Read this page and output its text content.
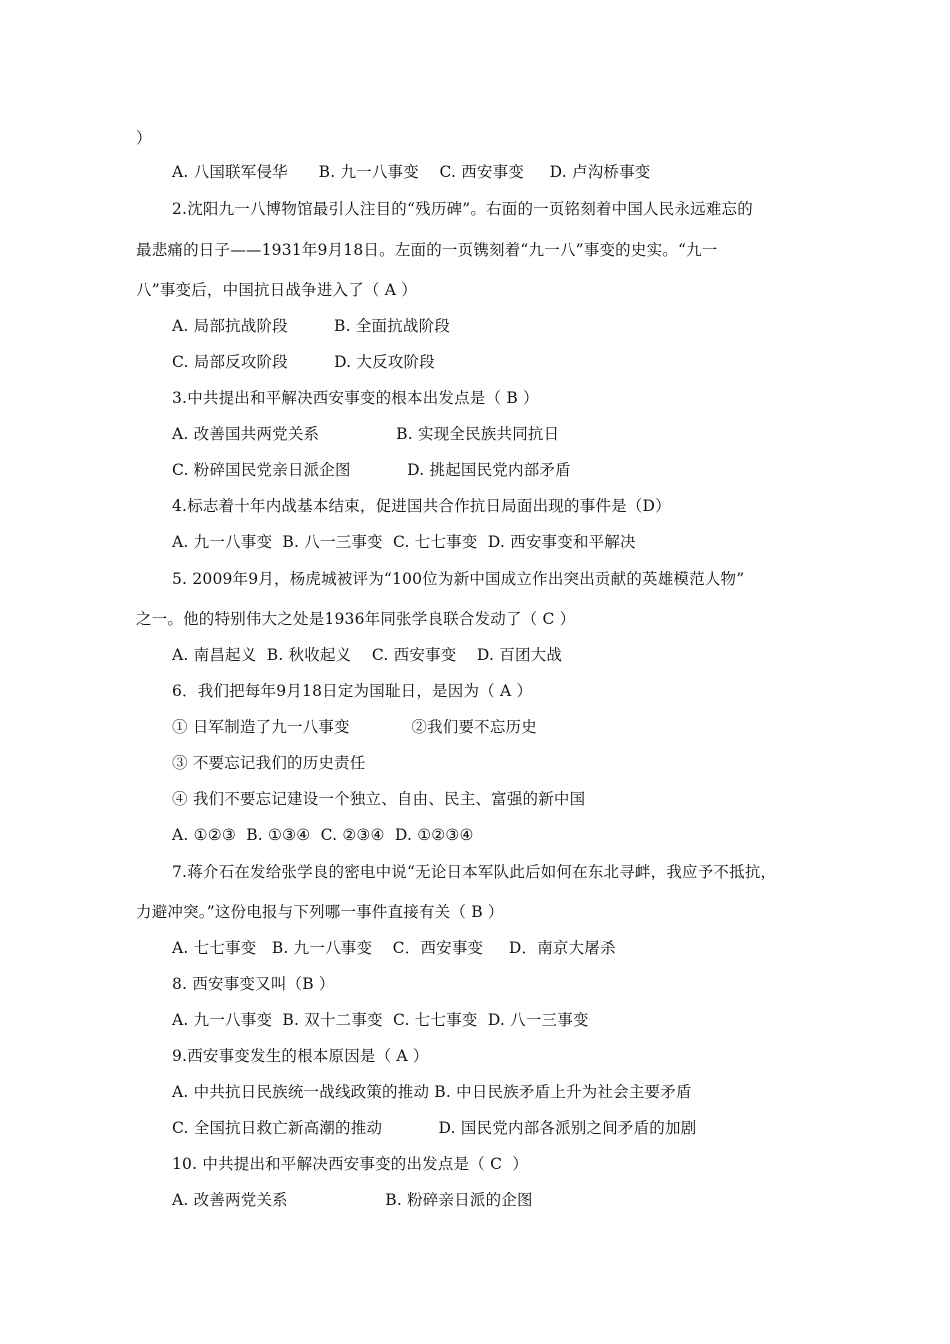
）
A. 八国联军侵华      B. 九一八事变    C. 西安事变     D. 卢沟桥事变
2.沈阳九一八博物馆最引人注目的“残历碑”。右面的一页铭刻着中国人民永远难忘的
最悲痛的日子——1931年9月18日。左面的一页镌刻着“九一八”事变的史实。“九一
八”事变后，中国抗日战争进入了（ A ）
A. 局部抗战阶段         B. 全面抗战阶段
C. 局部反攻阶段         D. 大反攻阶段
3.中共提出和平解决西安事变的根本出发点是（ B ）
A. 改善国共两党关系               B. 实现全民族共同抗日
C. 粉碎国民党亲日派企图           D. 挑起国民党内部矛盾
4.标志着十年内战基本结束，促进国共合作抗日局面出现的事件是（D）
A. 九一八事变  B. 八一三事变  C. 七七事变  D. 西安事变和平解决
5. 2009年9月，杨虎城被评为“100位为新中国成立作出突出贡献的英雄模范人物”
之一。他的特别伟大之处是1936年同张学良联合发动了（ C ）
A. 南昌起义  B. 秋收起义    C. 西安事变    D. 百团大战
6．我们把每年9月18日定为国耻日，是因为（ A ）
① 日军制造了九一八事变            ②我们要不忘历史
③ 不要忘记我们的历史责任
④ 我们不要忘记建设一个独立、自由、民主、富强的新中国
A. ①②③  B. ①③④  C. ②③④  D. ①②③④
7.蒋介石在发给张学良的密电中说“无论日本军队此后如何在东北寻衅，我应予不抵抗，
力避冲突。”这份电报与下列哪一事件直接有关（ B ）
A. 七七事变   B. 九一八事变    C．西安事变     D．南京大屠杀
8. 西安事变又叫（B ）
A. 九一八事变  B. 双十二事变  C. 七七事变  D. 八一三事变
9.西安事变发生的根本原因是（ A ）
A. 中共抗日民族统一战线政策的推动 B. 中日民族矛盾上升为社会主要矛盾
C. 全国抗日救亡新高潮的推动           D. 国民党内部各派别之间矛盾的加剧
10. 中共提出和平解决西安事变的出发点是（ C  ）
A. 改善两党关系                   B. 粉碎亲日派的企图
